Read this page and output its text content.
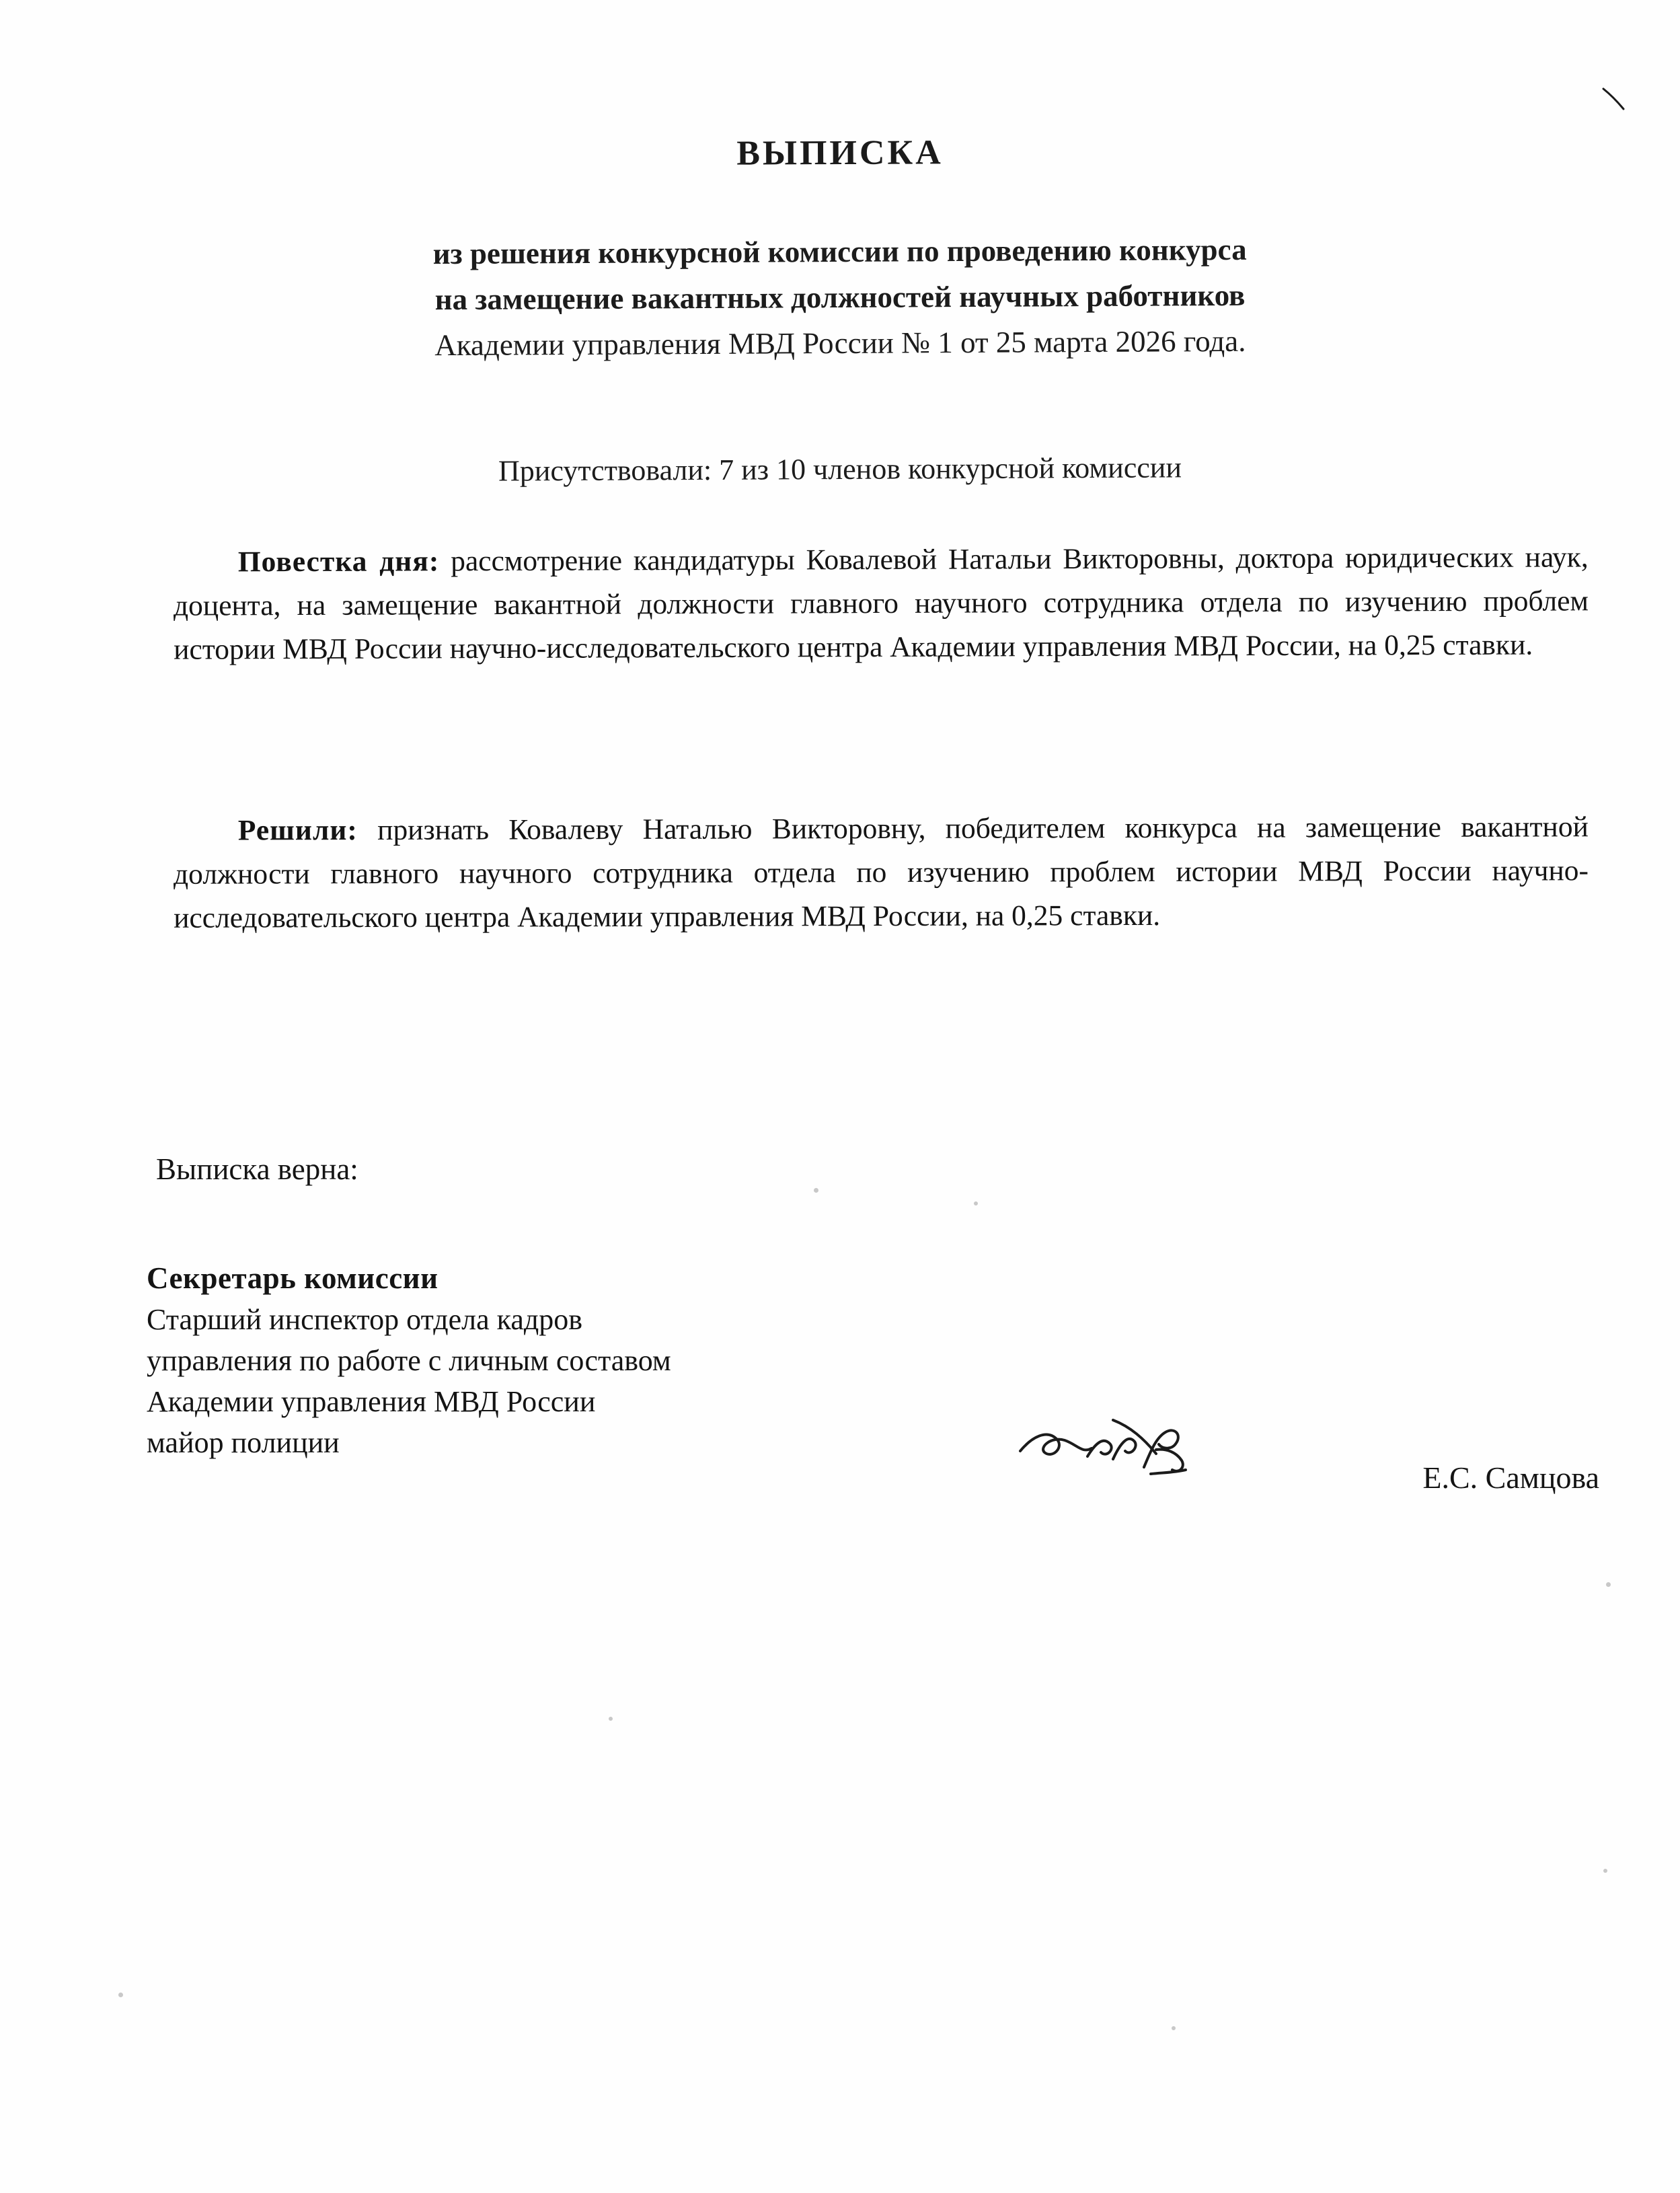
ВЫПИСКА
из решения конкурсной комиссии по проведению конкурса
на замещение вакантных должностей научных работников
Академии управления МВД России № 1 от 25 марта 2026 года.
Присутствовали: 7 из 10 членов конкурсной комиссии
Повестка дня: рассмотрение кандидатуры Ковалевой Натальи Викторовны, доктора юридических наук, доцента, на замещение вакантной должности главного научного сотрудника отдела по изучению проблем истории МВД России научно-исследовательского центра Академии управления МВД России, на 0,25 ставки.
Решили: признать Ковалеву Наталью Викторовну, победителем конкурса на замещение вакантной должности главного научного сотрудника отдела по изучению проблем истории МВД России научно-исследовательского центра Академии управления МВД России, на 0,25 ставки.
Выписка верна:
Секретарь комиссии
Старший инспектор отдела кадров
управления по работе с личным составом
Академии управления МВД России
майор полиции
Е.С. Самцова
